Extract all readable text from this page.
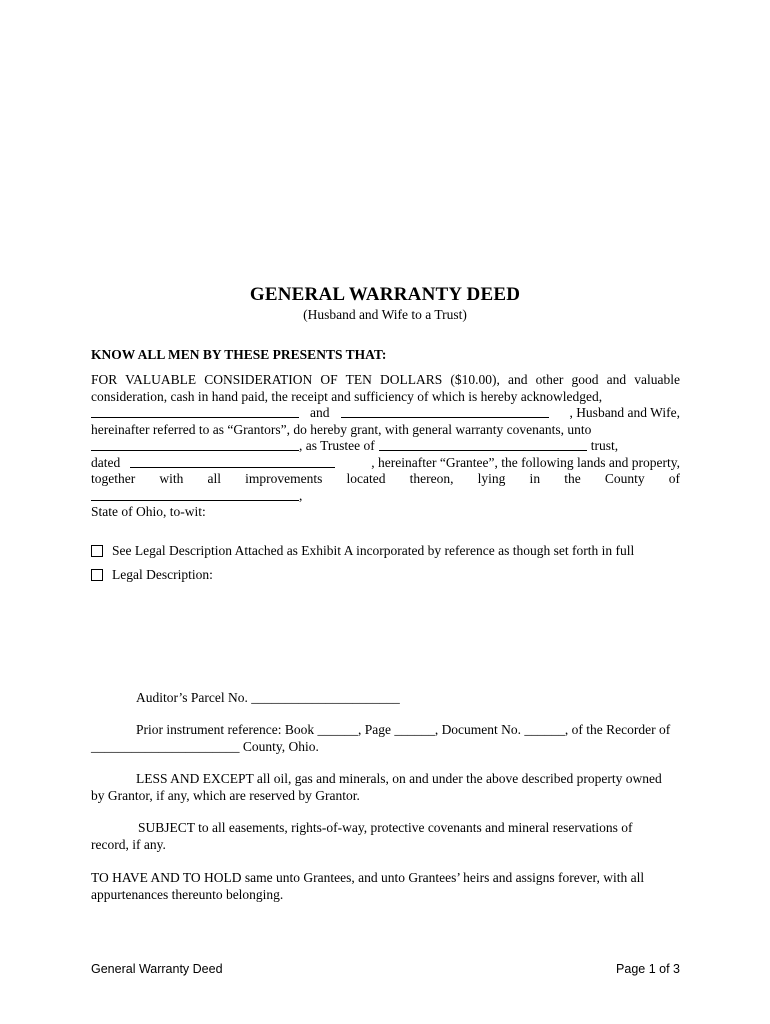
GENERAL WARRANTY DEED
(Husband and Wife to a Trust)
KNOW ALL MEN BY THESE PRESENTS THAT:
FOR VALUABLE CONSIDERATION OF TEN DOLLARS ($10.00), and other good and valuable
consideration, cash in hand paid, the receipt and sufficiency of which is hereby acknowledged,
and	, Husband and Wife,
hereinafter referred to as “Grantors”, do hereby grant, with general warranty covenants, unto
, as Trustee of	trust,
dated	, hereinafter “Grantee”, the following lands and property,
together with all improvements located thereon, lying in the County of
,
State of Ohio, to-wit:
See Legal Description Attached as Exhibit A incorporated by reference as though set forth in full
Legal Description:
Auditor’s Parcel No. ______________________
Prior instrument reference: Book ______, Page ______, Document No. ______, of the Recorder of
______________________ County, Ohio.
LESS AND EXCEPT all oil, gas and minerals, on and under the above described property owned
by Grantor, if any, which are reserved by Grantor.
SUBJECT to all easements, rights-of-way, protective covenants and mineral reservations of
record, if any.
TO HAVE AND TO HOLD same unto Grantees, and unto Grantees’ heirs and assigns forever, with all
appurtenances thereunto belonging.
General Warranty Deed	Page 1 of 3
